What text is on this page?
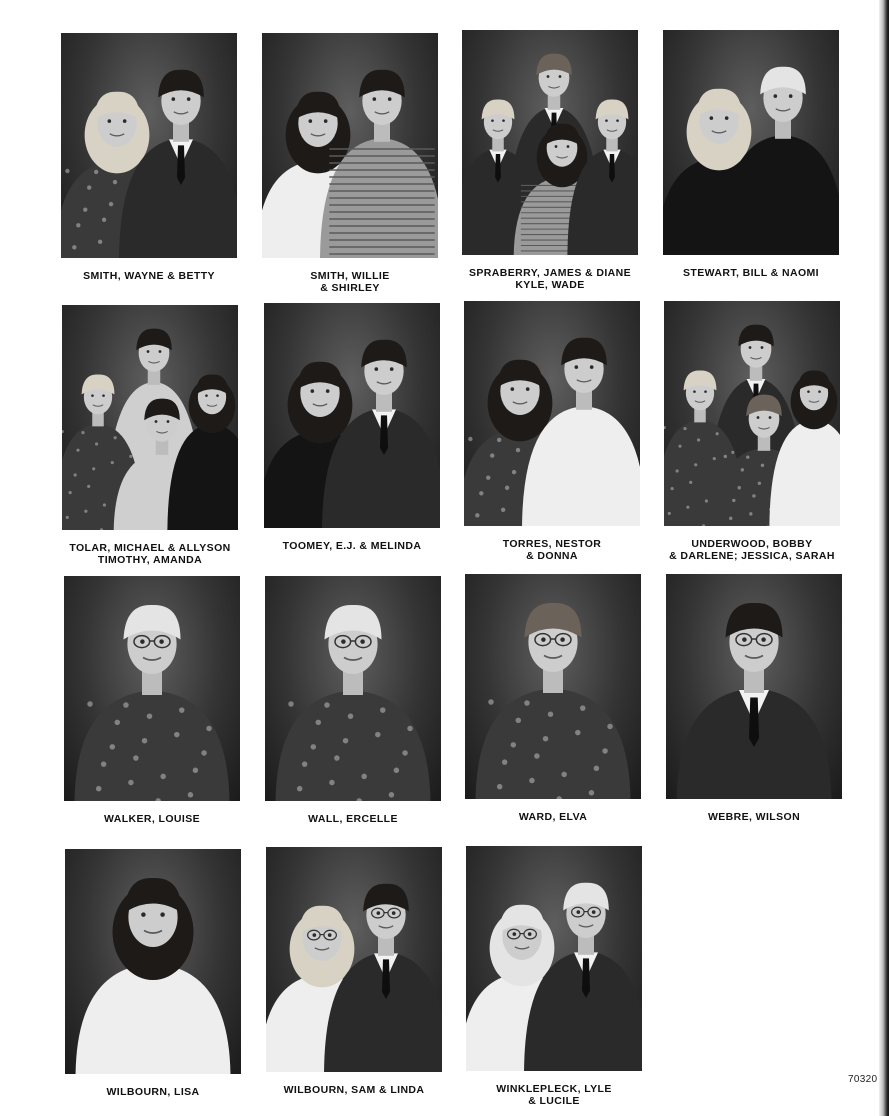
SMITH, WAYNE & BETTY	SMITH, WILLIE
& SHIRLEY
SPRABERRY, JAMES & DIANE
KYLE, WADE
STEWART, BILL & NAOMI
TOLAR, MICHAEL & ALLYSON
TIMOTHY, AMANDA
TOOMEY, E.J. & MELINDA	TORRES, NESTOR
& DONNA
UNDERWOOD, BOBBY
& DARLENE; JESSICA, SARAH
WALKER, LOUISE	WALL, ERCELLE	WARD, ELVA	WEBRE, WILSON
WILBOURN, LISA	WILBOURN, SAM & LINDA	WINKLEPLECK, LYLE
& LUCILE
70320
